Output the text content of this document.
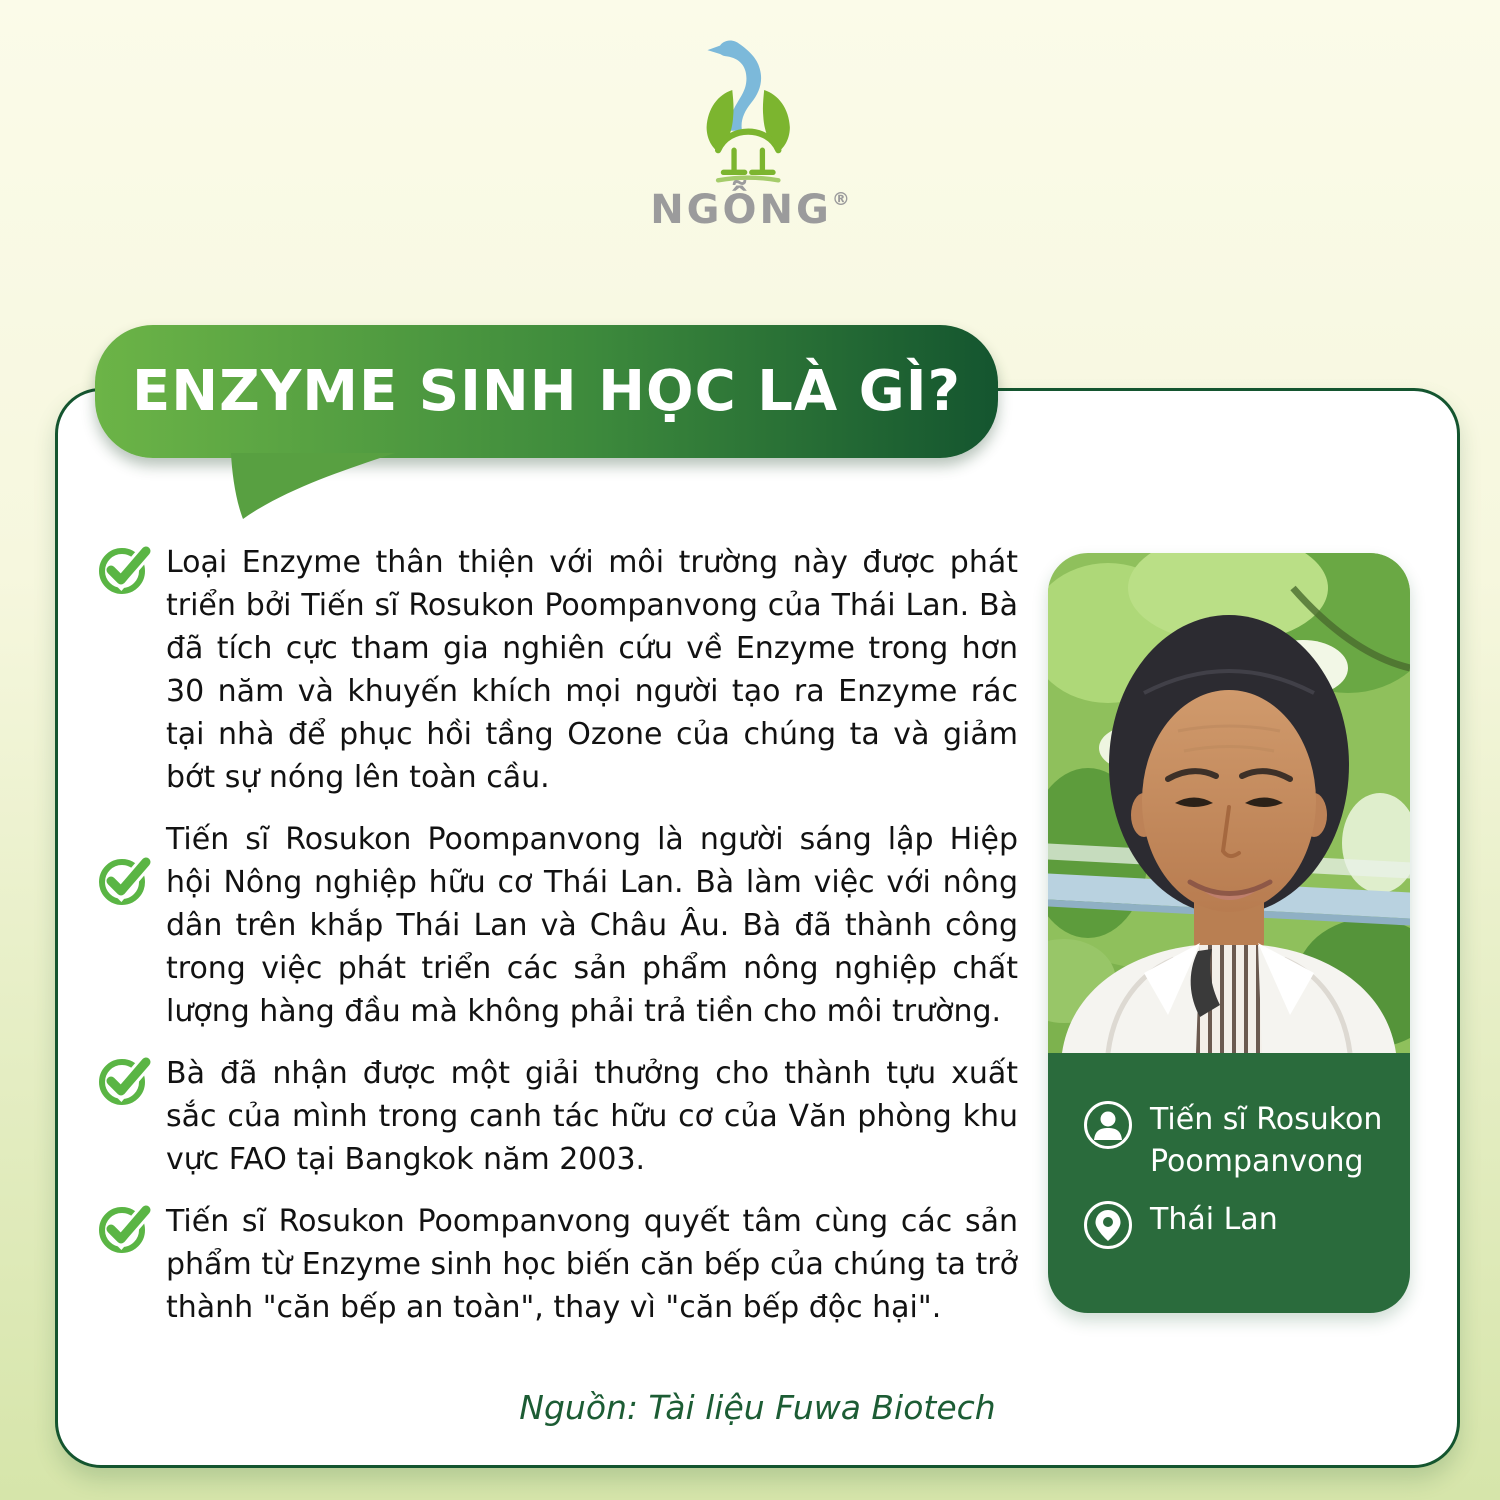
NGỖNG®
ENZYME SINH HỌC LÀ GÌ?

Loại Enzyme thân thiện với môi trường này được phát triển bởi Tiến sĩ Rosukon Poompanvong của Thái Lan. Bà đã tích cực tham gia nghiên cứu về Enzyme trong hơn 30 năm và khuyến khích mọi người tạo ra Enzyme rác tại nhà để phục hồi tầng Ozone của chúng ta và giảm bớt sự nóng lên toàn cầu.

Tiến sĩ Rosukon Poompanvong là người sáng lập Hiệp hội Nông nghiệp hữu cơ Thái Lan. Bà làm việc với nông dân trên khắp Thái Lan và Châu Âu. Bà đã thành công trong việc phát triển các sản phẩm nông nghiệp chất lượng hàng đầu mà không phải trả tiền cho môi trường.

Bà đã nhận được một giải thưởng cho thành tựu xuất sắc của mình trong canh tác hữu cơ của Văn phòng khu vực FAO tại Bangkok năm 2003.

Tiến sĩ Rosukon Poompanvong quyết tâm cùng các sản phẩm từ Enzyme sinh học biến căn bếp của chúng ta trở thành "căn bếp an toàn", thay vì "căn bếp độc hại".

Tiến sĩ Rosukon Poompanvong
Thái Lan
Nguồn: Tài liệu Fuwa Biotech
